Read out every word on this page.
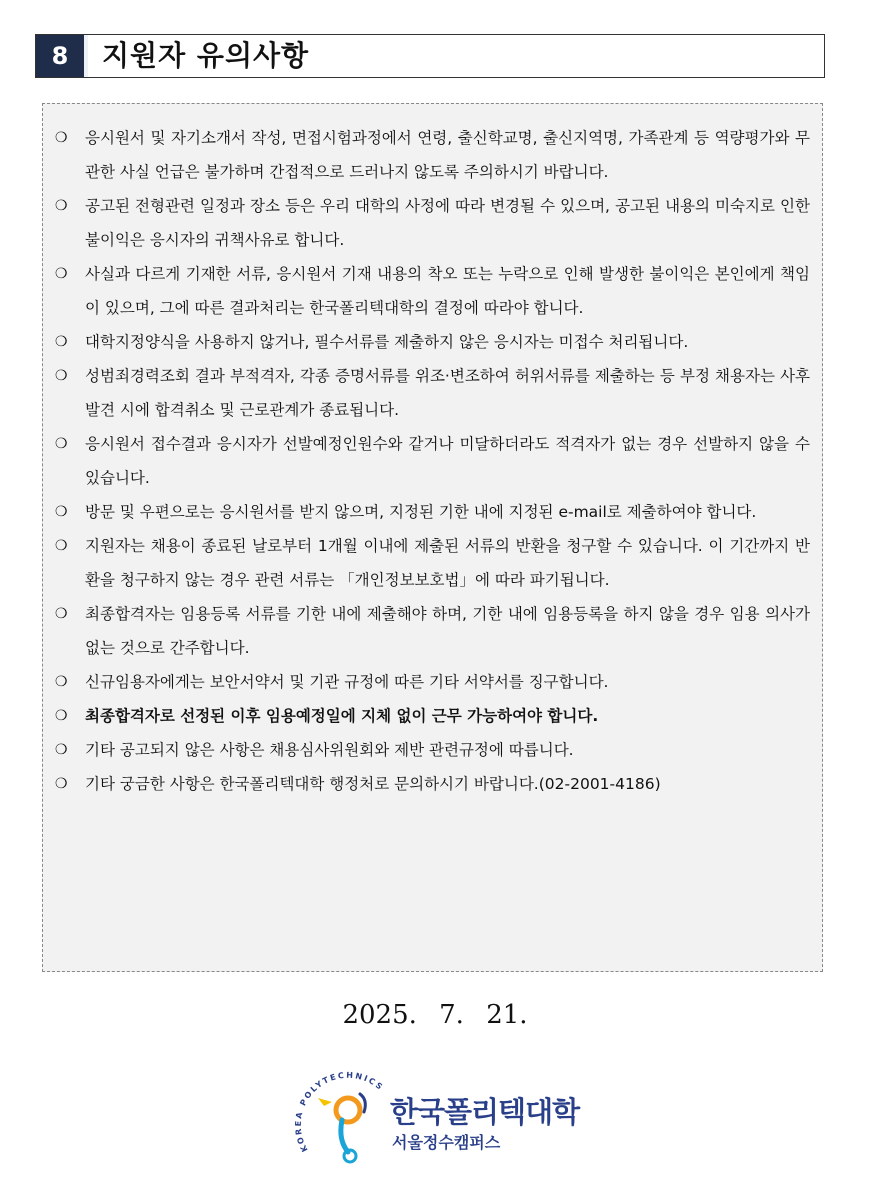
8	지원자 유의사항
❍ 응시원서 및 자기소개서 작성, 면접시험과정에서 연령, 출신학교명, 출신지역명, 가족관계 등 역량평가와 무관한 사실 언급은 불가하며 간접적으로 드러나지 않도록 주의하시기 바랍니다.
❍ 공고된 전형관련 일정과 장소 등은 우리 대학의 사정에 따라 변경될 수 있으며, 공고된 내용의 미숙지로 인한 불이익은 응시자의 귀책사유로 합니다.
❍ 사실과 다르게 기재한 서류, 응시원서 기재 내용의 착오 또는 누락으로 인해 발생한 불이익은 본인에게 책임이 있으며, 그에 따른 결과처리는 한국폴리텍대학의 결정에 따라야 합니다.
❍ 대학지정양식을 사용하지 않거나, 필수서류를 제출하지 않은 응시자는 미접수 처리됩니다.
❍ 성범죄경력조회 결과 부적격자, 각종 증명서류를 위조·변조하여 허위서류를 제출하는 등 부정 채용자는 사후 발견 시에 합격취소 및 근로관계가 종료됩니다.
❍ 응시원서 접수결과 응시자가 선발예정인원수와 같거나 미달하더라도 적격자가 없는 경우 선발하지 않을 수 있습니다.
❍ 방문 및 우편으로는 응시원서를 받지 않으며, 지정된 기한 내에 지정된 e-mail로 제출하여야 합니다.
❍ 지원자는 채용이 종료된 날로부터 1개월 이내에 제출된 서류의 반환을 청구할 수 있습니다. 이 기간까지 반환을 청구하지 않는 경우 관련 서류는 「개인정보보호법」에 따라 파기됩니다.
❍ 최종합격자는 임용등록 서류를 기한 내에 제출해야 하며, 기한 내에 임용등록을 하지 않을 경우 임용 의사가 없는 것으로 간주합니다.
❍ 신규임용자에게는 보안서약서 및 기관 규정에 따른 기타 서약서를 징구합니다.
❍ 최종합격자로 선정된 이후 임용예정일에 지체 없이 근무 가능하여야 합니다.
❍ 기타 공고되지 않은 사항은 채용심사위원회와 제반 관련규정에 따릅니다.
❍ 기타 궁금한 사항은 한국폴리텍대학 행정처로 문의하시기 바랍니다.(02-2001-4186)
2025. 7. 21.
KOREA POLYTECHNICS
한국폴리텍대학
서울정수캠퍼스
